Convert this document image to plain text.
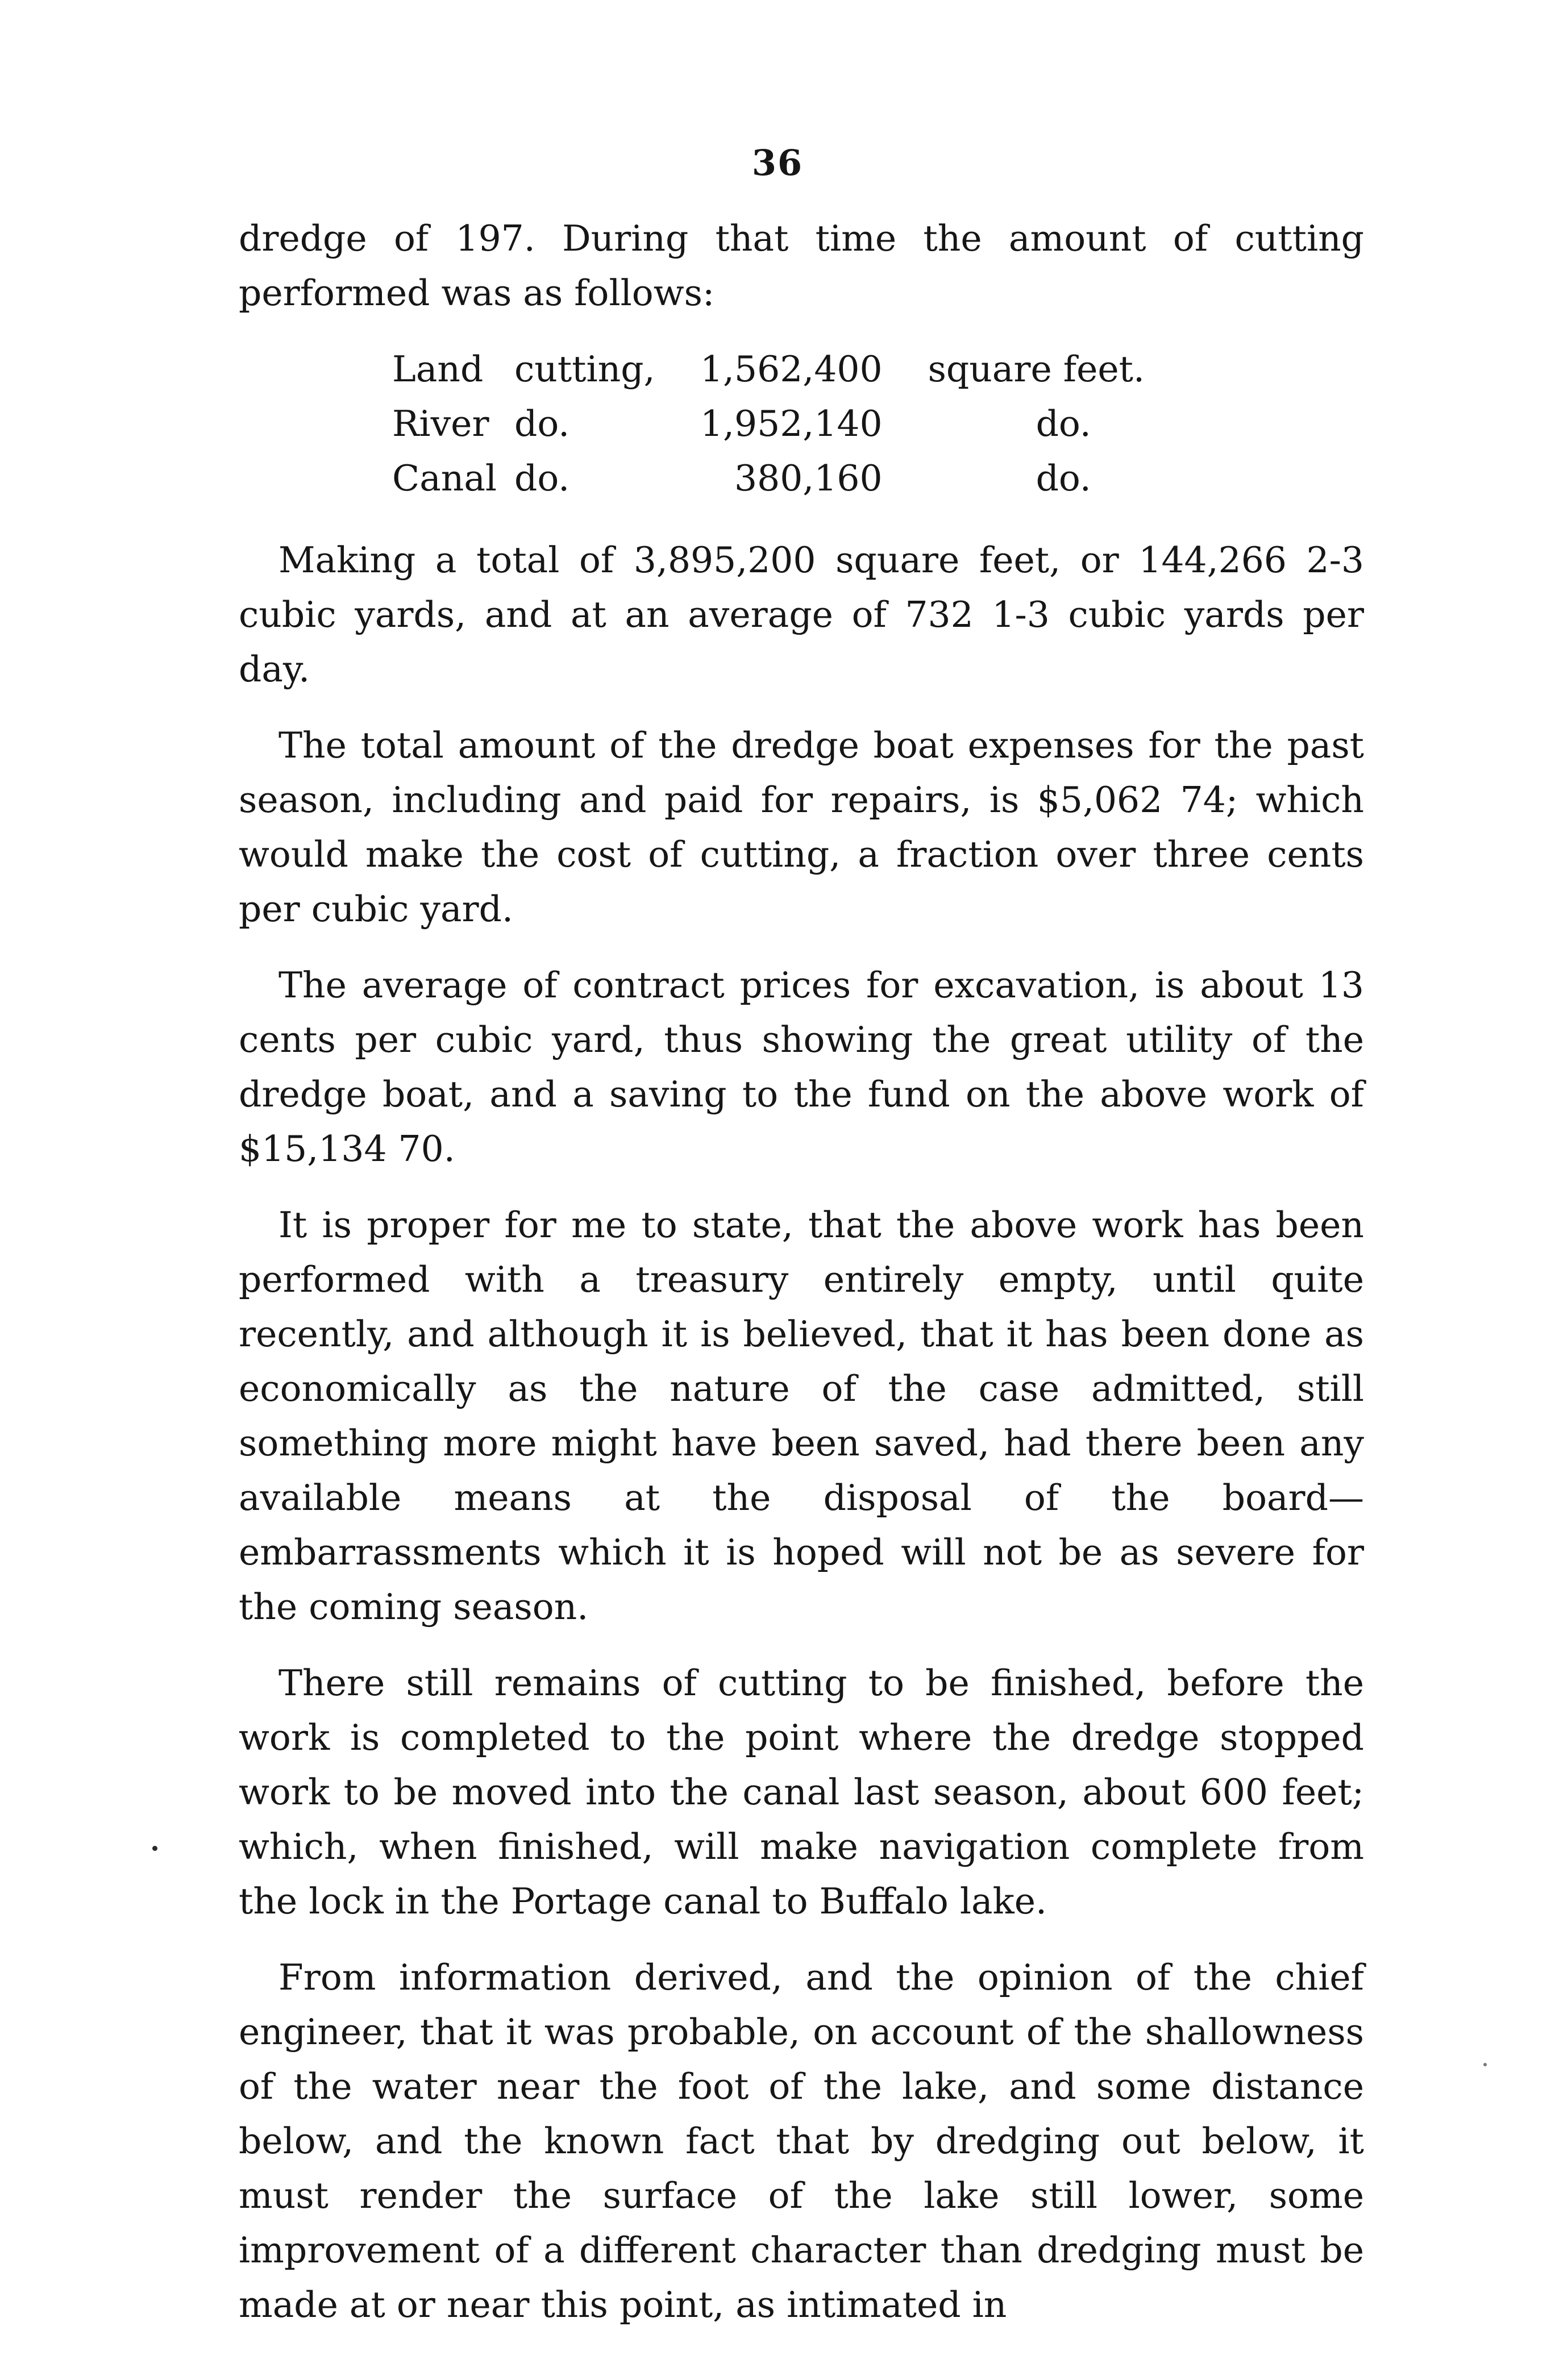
36

dredge of 197. During that time the amount of cutting performed was as follows:

Land	cutting,	1,562,400	square feet.
River	do.	1,952,140	do.
Canal	do.	380,160	do.

Making a total of 3,895,200 square feet, or 144,266 2-3 cubic yards, and at an average of 732 1-3 cubic yards per day.

The total amount of the dredge boat expenses for the past season, including and paid for repairs, is $5,062 74; which would make the cost of cutting, a fraction over three cents per cubic yard.

The average of contract prices for excavation, is about 13 cents per cubic yard, thus showing the great utility of the dredge boat, and a saving to the fund on the above work of $15,134 70.

It is proper for me to state, that the above work has been performed with a treasury entirely empty, until quite recently, and although it is believed, that it has been done as economically as the nature of the case admitted, still something more might have been saved, had there been any available means at the disposal of the board—embarrassments which it is hoped will not be as severe for the coming season.

There still remains of cutting to be finished, before the work is completed to the point where the dredge stopped work to be moved into the canal last season, about 600 feet; which, when finished, will make navigation complete from the lock in the Portage canal to Buffalo lake.

From information derived, and the opinion of the chief engineer, that it was probable, on account of the shallowness of the water near the foot of the lake, and some distance below, and the known fact that by dredging out below, it must render the surface of the lake still lower, some improvement of a different character than dredging must be made at or near this point, as intimated in
